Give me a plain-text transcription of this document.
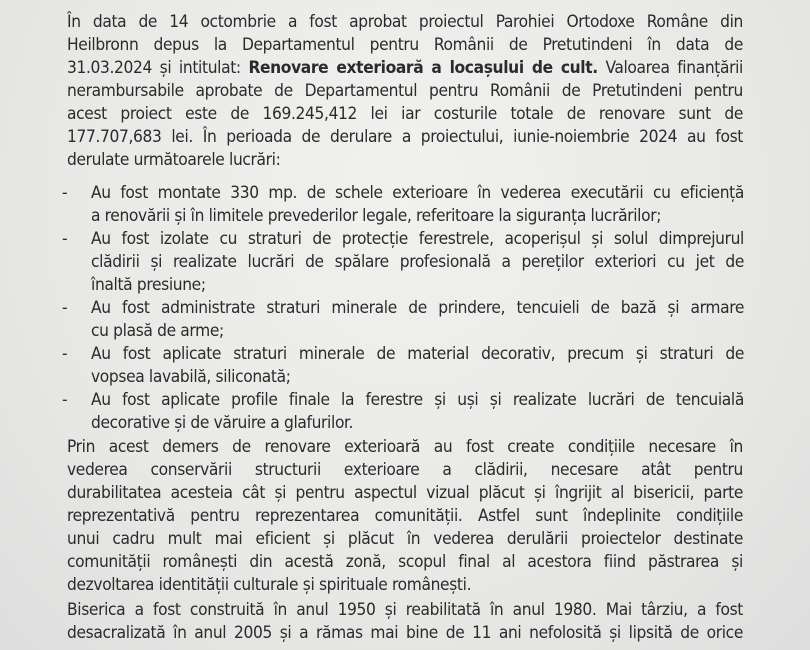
În data de 14 octombrie a fost aprobat proiectul Parohiei Ortodoxe Române din
Heilbronn depus la Departamentul pentru Românii de Pretutindeni în data de
31.03.2024 și intitulat: Renovare exterioară a locașului de cult. Valoarea finanțării
nerambursabile aprobate de Departamentul pentru Românii de Pretutindeni pentru
acest proiect este de 169.245,412 lei iar costurile totale de renovare sunt de
177.707,683 lei. În perioada de derulare a proiectului, iunie-noiembrie 2024 au fost
derulate următoarele lucrări:
- Au fost montate 330 mp. de schele exterioare în vederea executării cu eficiență
a renovării și în limitele prevederilor legale, referitoare la siguranța lucrărilor;
- Au fost izolate cu straturi de protecție ferestrele, acoperișul și solul dimprejurul
clădirii și realizate lucrări de spălare profesională a pereților exteriori cu jet de
înaltă presiune;
- Au fost administrate straturi minerale de prindere, tencuieli de bază și armare
cu plasă de arme;
- Au fost aplicate straturi minerale de material decorativ, precum și straturi de
vopsea lavabilă, siliconată;
- Au fost aplicate profile finale la ferestre și uși și realizate lucrări de tencuială
decorative și de văruire a glafurilor.
Prin acest demers de renovare exterioară au fost create condițiile necesare în
vederea conservării structurii exterioare a clădirii, necesare atât pentru
durabilitatea acesteia cât și pentru aspectul vizual plăcut și îngrijit al bisericii, parte
reprezentativă pentru reprezentarea comunității. Astfel sunt îndeplinite condițiile
unui cadru mult mai eficient și plăcut în vederea derulării proiectelor destinate
comunității românești din acestă zonă, scopul final al acestora fiind păstrarea și
dezvoltarea identității culturale și spirituale românești.
Biserica a fost construită în anul 1950 și reabilitată în anul 1980. Mai târziu, a fost
desacralizată în anul 2005 și a rămas mai bine de 11 ani nefolosită și lipsită de orice
